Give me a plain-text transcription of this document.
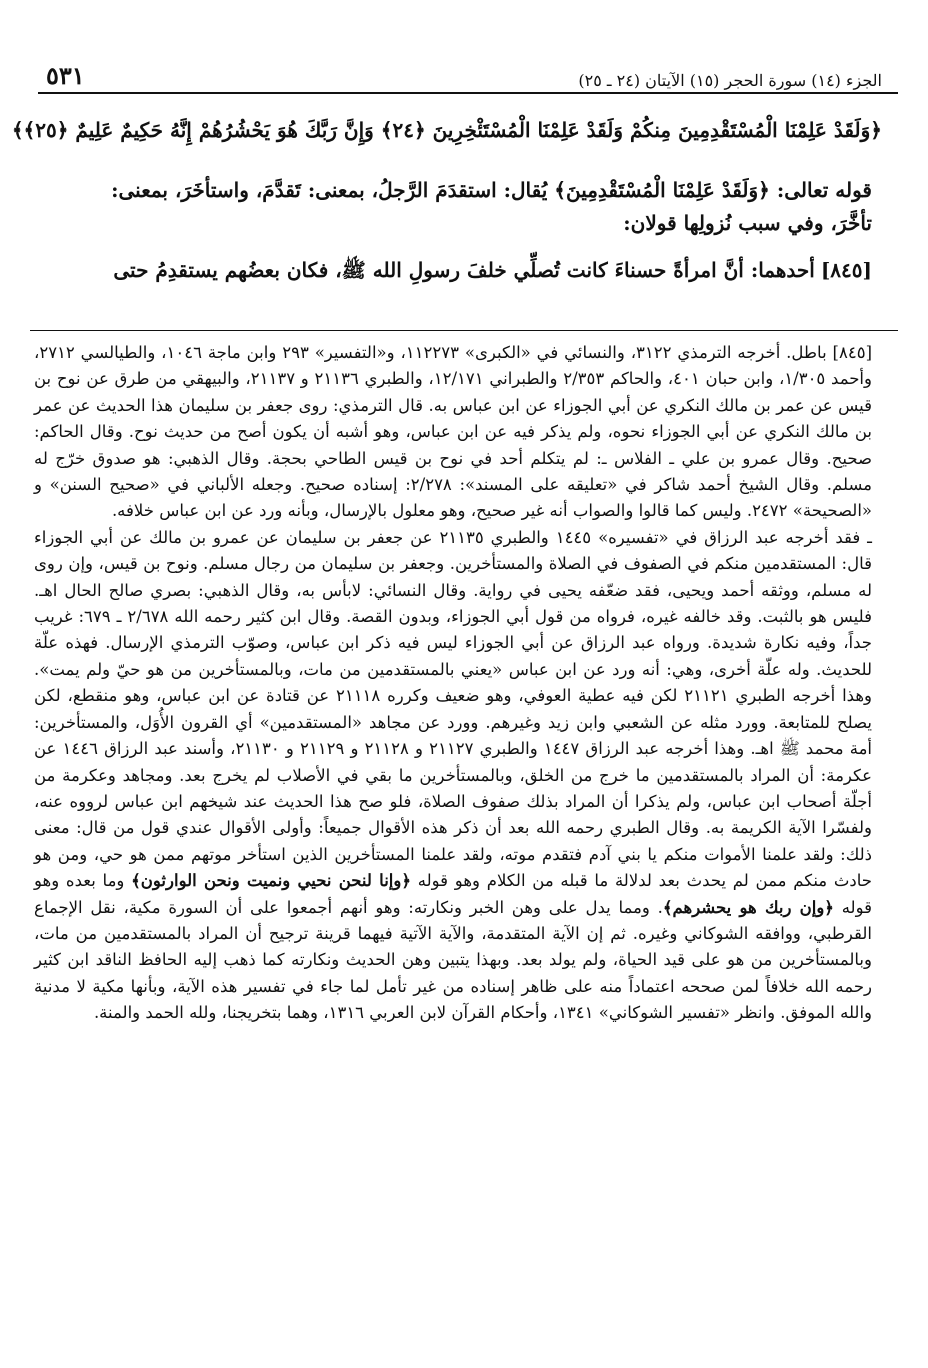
الجزء (١٤) سورة الحجر (١٥) الآيتان (٢٤ ـ ٢٥)
٥٣١
﴿وَلَقَدْ عَلِمْنَا الْمُسْتَقْدِمِينَ مِنكُمْ وَلَقَدْ عَلِمْنَا الْمُسْتَئْخِرِينَ ﴿٢٤﴾ وَإِنَّ رَبَّكَ هُوَ يَحْشُرُهُمْ إِنَّهُ حَكِيمٌ عَلِيمٌ ﴿٢٥﴾﴾

قوله تعالى: ﴿وَلَقَدْ عَلِمْنَا الْمُسْتَقْدِمِينَ﴾ يُقال: استقدَمَ الرَّجلُ، بمعنى: تَقدَّمَ، واستأخَرَ، بمعنى:

تأخَّرَ، وفي سبب نُزولِها قولان:

[٨٤٥]أحدهما: أنَّ امرأةً حسناءَ كانت تُصلِّي خلفَ رسولِ الله ﷺ، فكان بعضُهم يستقدِمُ حتى

[٨٤٥] باطل. أخرجه الترمذي ٣١٢٢، والنسائي في «الكبرى» ١١٢٢٧٣، و«التفسير» ٢٩٣ وابن ماجة ١٠٤٦، والطيالسي ٢٧١٢، وأحمد ١/٣٠٥، وابن حبان ٤٠١، والحاكم ٢/٣٥٣ والطبراني ١٢/١٧١، والطبري ٢١١٣٦ و ٢١١٣٧، والبيهقي من طرق عن نوح بن قيس عن عمر بن مالك النكري عن أبي الجوزاء عن ابن عباس به. قال الترمذي: روى جعفر بن سليمان هذا الحديث عن عمر بن مالك النكري عن أبي الجوزاء نحوه، ولم يذكر فيه عن ابن عباس، وهو أشبه أن يكون أصح من حديث نوح. وقال الحاكم: صحيح. وقال عمرو بن علي ـ الفلاس ـ: لم يتكلم أحد في نوح بن قيس الطاحي بحجة. وقال الذهبي: هو صدوق خرّج له مسلم. وقال الشيخ أحمد شاكر في «تعليقه على المسند»: ٢/٢٧٨: إسناده صحيح. وجعله الألباني في «صحيح السنن» و «الصحيحة» ٢٤٧٢. وليس كما قالوا والصواب أنه غير صحيح، وهو معلول بالإرسال، وبأنه ورد عن ابن عباس خلافه.

ـ فقد أخرجه عبد الرزاق في «تفسيره» ١٤٤٥ والطبري ٢١١٣٥ عن جعفر بن سليمان عن عمرو بن مالك عن أبي الجوزاء قال: المستقدمين منكم في الصفوف في الصلاة والمستأخرين. وجعفر بن سليمان من رجال مسلم. ونوح بن قيس، وإن روى له مسلم، ووثقه أحمد ويحيى، فقد ضعّفه يحيى في رواية. وقال النسائي: لابأس به، وقال الذهبي: بصري صالح الحال اهـ. فليس هو بالثبت. وقد خالفه غيره، فرواه من قول أبي الجوزاء، وبدون القصة. وقال ابن كثير رحمه الله ٢/٦٧٨ ـ ٦٧٩: غريب جداً، وفيه نكارة شديدة. ورواه عبد الرزاق عن أبي الجوزاء ليس فيه ذكر ابن عباس، وصوّب الترمذي الإرسال. فهذه علّة للحديث. وله علّة أخرى، وهي: أنه ورد عن ابن عباس «يعني بالمستقدمين من مات، وبالمستأخرين من هو حيّ ولم يمت». وهذا أخرجه الطبري ٢١١٢١ لكن فيه عطية العوفي، وهو ضعيف وكرره ٢١١١٨ عن قتادة عن ابن عباس، وهو منقطع، لكن يصلح للمتابعة. وورد مثله عن الشعبي وابن زيد وغيرهم. وورد عن مجاهد «المستقدمين» أي القرون الأُوَل، والمستأخرين: أمة محمد ﷺ اهـ. وهذا أخرجه عبد الرزاق ١٤٤٧ والطبري ٢١١٢٧ و ٢١١٢٨ و ٢١١٢٩ و ٢١١٣٠، وأسند عبد الرزاق ١٤٤٦ عن عكرمة: أن المراد بالمستقدمين ما خرج من الخلق، وبالمستأخرين ما بقي في الأصلاب لم يخرج بعد. ومجاهد وعكرمة من أجلّة أصحاب ابن عباس، ولم يذكرا أن المراد بذلك صفوف الصلاة، فلو صح هذا الحديث عند شيخهم ابن عباس لرووه عنه، ولفسّرا الآية الكريمة به. وقال الطبري رحمه الله بعد أن ذكر هذه الأقوال جميعاً: وأولى الأقوال عندي قول من قال: معنى ذلك: ولقد علمنا الأموات منكم يا بني آدم فتقدم موته، ولقد علمنا المستأخرين الذين استأخر موتهم ممن هو حي، ومن هو حادث منكم ممن لم يحدث بعد لدلالة ما قبله من الكلام وهو قوله ﴿وإنا لنحن نحيي ونميت ونحن الوارثون﴾ وما بعده وهو قوله ﴿وإن ربك هو يحشرهم﴾. ومما يدل على وهن الخبر ونكارته: وهو أنهم أجمعوا على أن السورة مكية، نقل الإجماع القرطبي، ووافقه الشوكاني وغيره. ثم إن الآية المتقدمة، والآية الآتية فيهما قرينة ترجيح أن المراد بالمستقدمين من مات، وبالمستأخرين من هو على قيد الحياة، ولم يولد بعد. وبهذا يتبين وهن الحديث ونكارته كما ذهب إليه الحافظ الناقد ابن كثير رحمه الله خلافاً لمن صححه اعتماداً منه على ظاهر إسناده من غير تأمل لما جاء في تفسير هذه الآية، وبأنها مكية لا مدنية والله الموفق. وانظر «تفسير الشوكاني» ١٣٤١، وأحكام القرآن لابن العربي ١٣١٦، وهما بتخريجنا، ولله الحمد والمنة.
